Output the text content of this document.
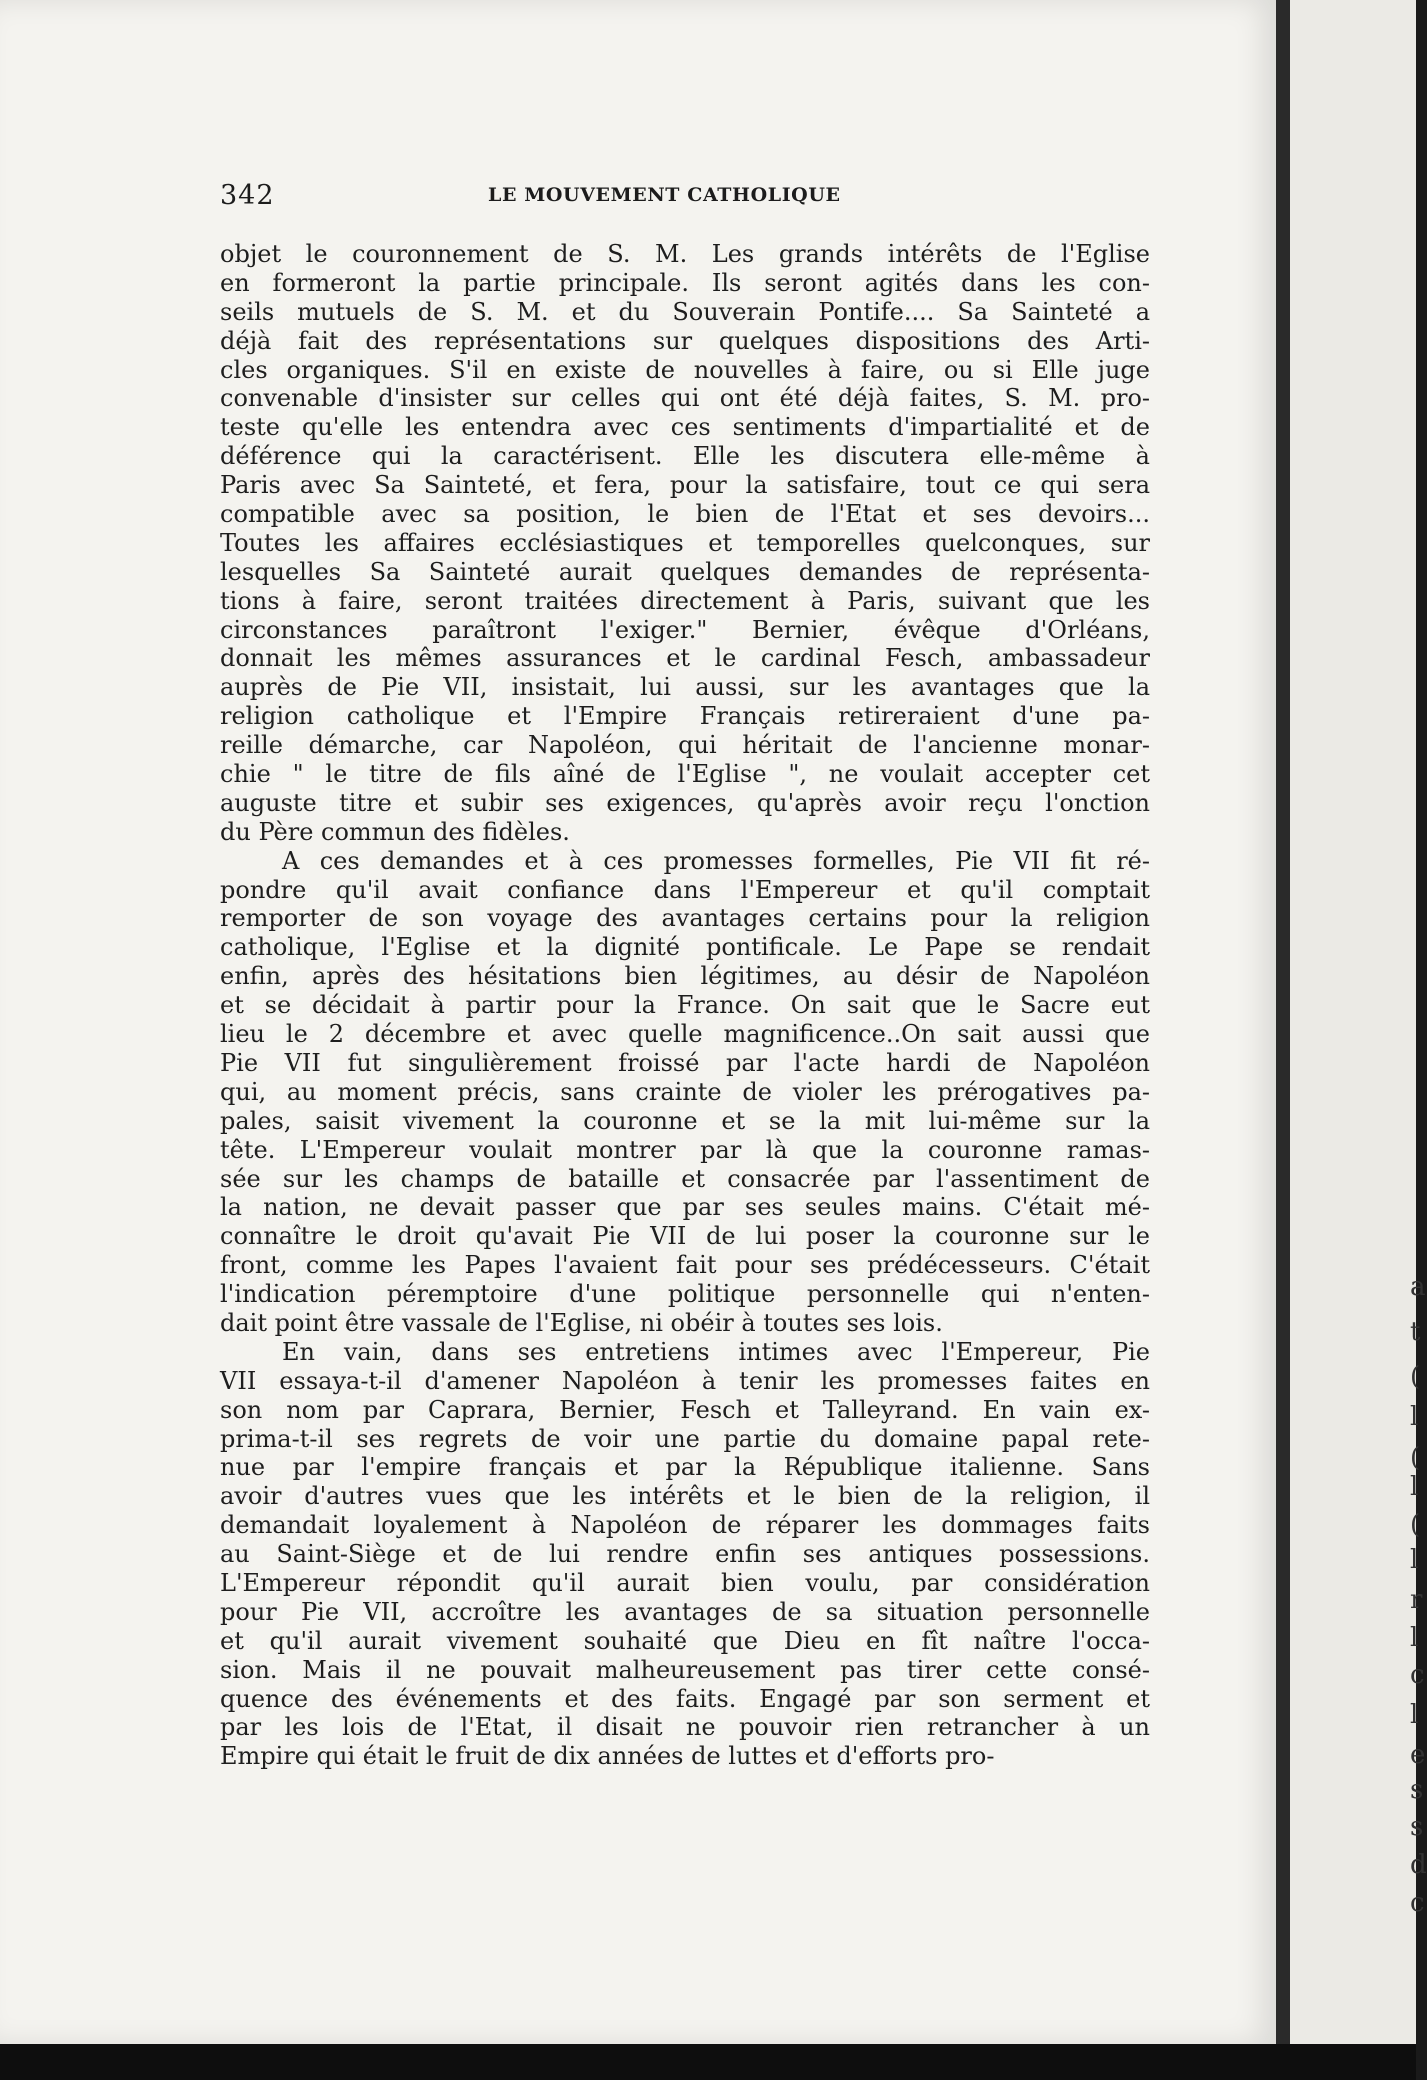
342	LE MOUVEMENT CATHOLIQUE
objet le couronnement de S. M. Les grands intérêts de l'Eglise
en formeront la partie principale. Ils seront agités dans les con-
seils mutuels de S. M. et du Souverain Pontife.... Sa Sainteté a
déjà fait des représentations sur quelques dispositions des Arti-
cles organiques. S'il en existe de nouvelles à faire, ou si Elle juge
convenable d'insister sur celles qui ont été déjà faites, S. M. pro-
teste qu'elle les entendra avec ces sentiments d'impartialité et de
déférence qui la caractérisent. Elle les discutera elle-même à
Paris avec Sa Sainteté, et fera, pour la satisfaire, tout ce qui sera
compatible avec sa position, le bien de l'Etat et ses devoirs...
Toutes les affaires ecclésiastiques et temporelles quelconques, sur
lesquelles Sa Sainteté aurait quelques demandes de représenta-
tions à faire, seront traitées directement à Paris, suivant que les
circonstances paraîtront l'exiger." Bernier, évêque d'Orléans,
donnait les mêmes assurances et le cardinal Fesch, ambassadeur
auprès de Pie VII, insistait, lui aussi, sur les avantages que la
religion catholique et l'Empire Français retireraient d'une pa-
reille démarche, car Napoléon, qui héritait de l'ancienne monar-
chie " le titre de fils aîné de l'Eglise ", ne voulait accepter cet
auguste titre et subir ses exigences, qu'après avoir reçu l'onction
du Père commun des fidèles.
A ces demandes et à ces promesses formelles, Pie VII fit ré-
pondre qu'il avait confiance dans l'Empereur et qu'il comptait
remporter de son voyage des avantages certains pour la religion
catholique, l'Eglise et la dignité pontificale. Le Pape se rendait
enfin, après des hésitations bien légitimes, au désir de Napoléon
et se décidait à partir pour la France. On sait que le Sacre eut
lieu le 2 décembre et avec quelle magnificence..On sait aussi que
Pie VII fut singulièrement froissé par l'acte hardi de Napoléon
qui, au moment précis, sans crainte de violer les prérogatives pa-
pales, saisit vivement la couronne et se la mit lui-même sur la
tête. L'Empereur voulait montrer par là que la couronne ramas-
sée sur les champs de bataille et consacrée par l'assentiment de
la nation, ne devait passer que par ses seules mains. C'était mé-
connaître le droit qu'avait Pie VII de lui poser la couronne sur le
front, comme les Papes l'avaient fait pour ses prédécesseurs. C'était
l'indication péremptoire d'une politique personnelle qui n'enten-
dait point être vassale de l'Eglise, ni obéir à toutes ses lois.
En vain, dans ses entretiens intimes avec l'Empereur, Pie
VII essaya-t-il d'amener Napoléon à tenir les promesses faites en
son nom par Caprara, Bernier, Fesch et Talleyrand. En vain ex-
prima-t-il ses regrets de voir une partie du domaine papal rete-
nue par l'empire français et par la République italienne. Sans
avoir d'autres vues que les intérêts et le bien de la religion, il
demandait loyalement à Napoléon de réparer les dommages faits
au Saint-Siège et de lui rendre enfin ses antiques possessions.
L'Empereur répondit qu'il aurait bien voulu, par considération
pour Pie VII, accroître les avantages de sa situation personnelle
et qu'il aurait vivement souhaité que Dieu en fît naître l'occa-
sion. Mais il ne pouvait malheureusement pas tirer cette consé-
quence des événements et des faits. Engagé par son serment et
par les lois de l'Etat, il disait ne pouvoir rien retrancher à un
Empire qui était le fruit de dix années de luttes et d'efforts pro-
a
t
(
l
(
l
(
l
r
l
c
l
e
s
s
d
c
